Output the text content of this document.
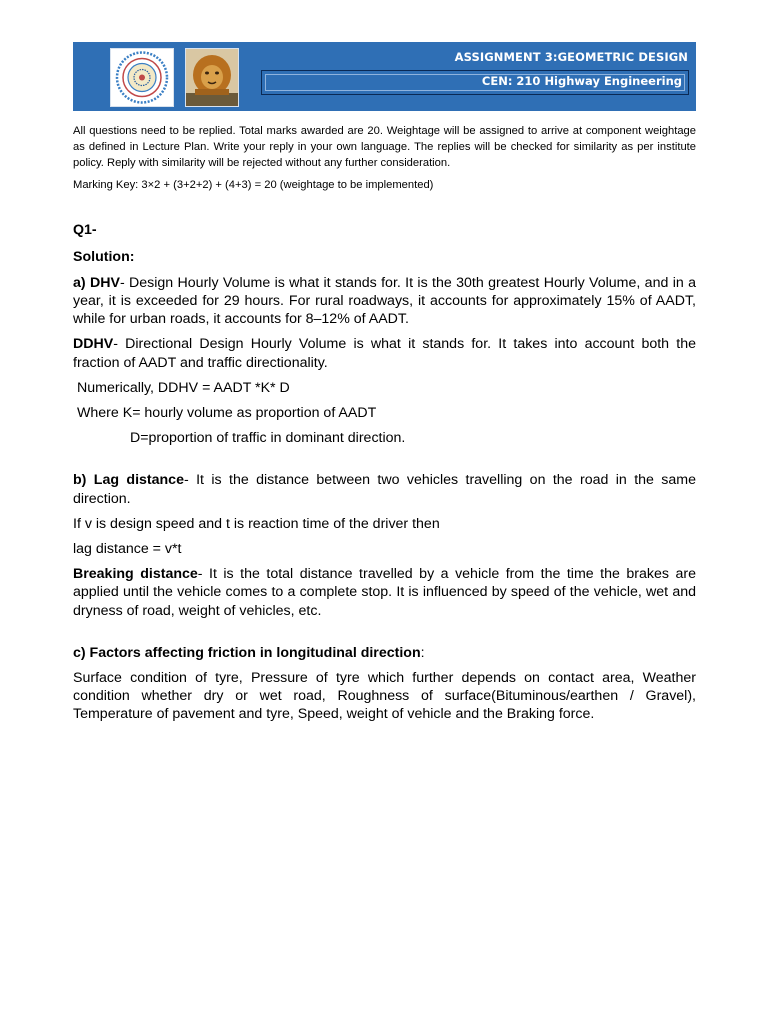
ASSIGNMENT 3:GEOMETRIC DESIGN
CEN: 210 Highway Engineering

All questions need to be replied. Total marks awarded are 20. Weightage will be assigned to arrive at component weightage as defined in Lecture Plan. Write your reply in your own language. The replies will be checked for similarity as per institute policy. Reply with similarity will be rejected without any further consideration.

Marking Key: 3×2 + (3+2+2) + (4+3) = 20 (weightage to be implemented)

Q1-

Solution:

a) DHV- Design Hourly Volume is what it stands for. It is the 30th greatest Hourly Volume, and in a year, it is exceeded for 29 hours. For rural roadways, it accounts for approximately 15% of AADT, while for urban roads, it accounts for 8–12% of AADT.

DDHV- Directional Design Hourly Volume is what it stands for. It takes into account both the fraction of AADT and traffic directionality.

Numerically, DDHV = AADT *K* D

Where K= hourly volume as proportion of AADT

D=proportion of traffic in dominant direction.

b) Lag distance- It is the distance between two vehicles travelling on the road in the same direction.

If v is design speed and t is reaction time of the driver then

lag distance = v*t

Breaking distance- It is the total distance travelled by a vehicle from the time the brakes are applied until the vehicle comes to a complete stop. It is influenced by speed of the vehicle, wet and dryness of road, weight of vehicles, etc.

c) Factors affecting friction in longitudinal direction:

Surface condition of tyre, Pressure of tyre which further depends on contact area, Weather condition whether dry or wet road, Roughness of surface(Bituminous/earthen / Gravel), Temperature of pavement and tyre, Speed, weight of vehicle and the Braking force.
